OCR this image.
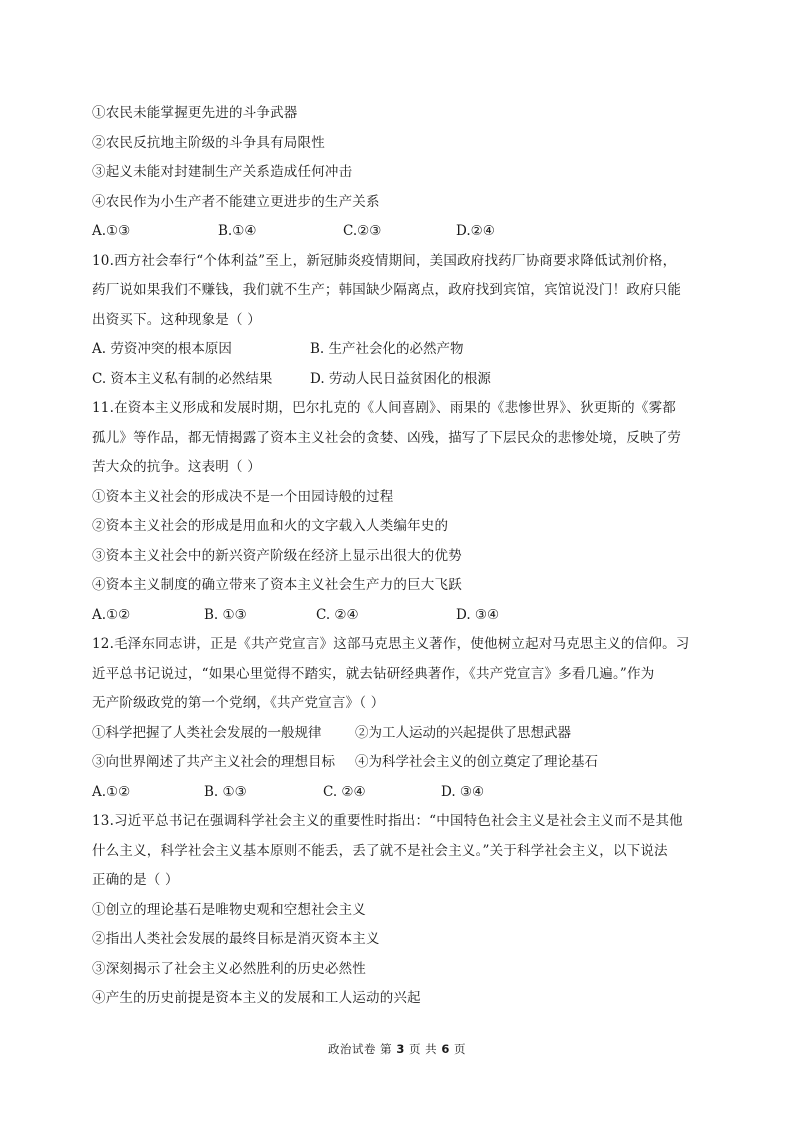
①农民未能掌握更先进的斗争武器
②农民反抗地主阶级的斗争具有局限性
③起义未能对封建制生产关系造成任何冲击
④农民作为小生产者不能建立更进步的生产关系
A.①③	B.①④	C.②③	D.②④
10.西方社会奉行“个体利益”至上，新冠肺炎疫情期间，美国政府找药厂协商要求降低试剂价格，
药厂说如果我们不赚钱，我们就不生产；韩国缺少隔离点，政府找到宾馆，宾馆说没门！政府只能
出资买下。这种现象是（ ）
A. 劳资冲突的根本原因	B. 生产社会化的必然产物
C. 资本主义私有制的必然结果	D. 劳动人民日益贫困化的根源
11.在资本主义形成和发展时期，巴尔扎克的《人间喜剧》、雨果的《悲惨世界》、狄更斯的《雾都
孤儿》等作品，都无情揭露了资本主义社会的贪婪、凶残，描写了下层民众的悲惨处境，反映了劳
苦大众的抗争。这表明（ ）
①资本主义社会的形成决不是一个田园诗般的过程
②资本主义社会的形成是用血和火的文字载入人类编年史的
③资本主义社会中的新兴资产阶级在经济上显示出很大的优势
④资本主义制度的确立带来了资本主义社会生产力的巨大飞跃
A.①②	B. ①③	C. ②④	D. ③④
12.毛泽东同志讲，正是《共产党宣言》这部马克思主义著作，使他树立起对马克思主义的信仰。习
近平总书记说过，“如果心里觉得不踏实，就去钻研经典著作，《共产党宣言》多看几遍。”作为
无产阶级政党的第一个党纲，《共产党宣言》（ ）
①科学把握了人类社会发展的一般规律 ②为工人运动的兴起提供了思想武器
③向世界阐述了共产主义社会的理想目标 ④为科学社会主义的创立奠定了理论基石
A.①②	B. ①③	C. ②④	D. ③④
13.习近平总书记在强调科学社会主义的重要性时指出：“中国特色社会主义是社会主义而不是其他
什么主义，科学社会主义基本原则不能丢，丢了就不是社会主义。”关于科学社会主义，以下说法
正确的是（ ）
①创立的理论基石是唯物史观和空想社会主义
②指出人类社会发展的最终目标是消灭资本主义
③深刻揭示了社会主义必然胜利的历史必然性
④产生的历史前提是资本主义的发展和工人运动的兴起
政治试卷 第 3 页 共 6 页
